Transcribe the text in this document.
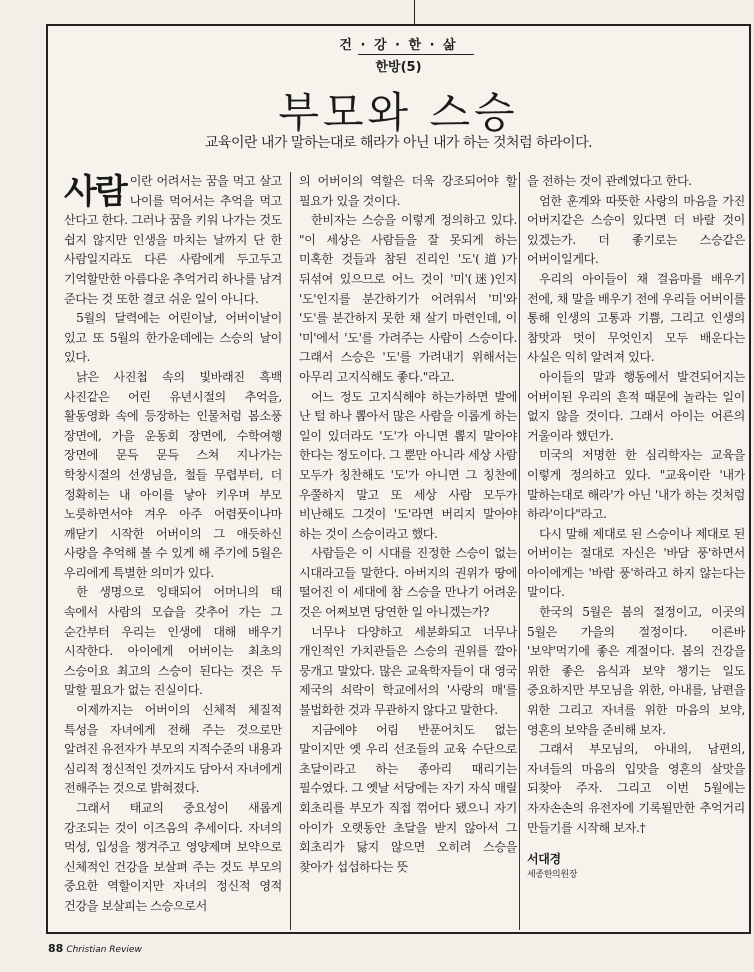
건 · 강 · 한 · 삶
한방(5)
부모와 스승
교육이란 내가 말하는대로 해라가 아닌 내가 하는 것처럼 하라이다.

사람 이란 어려서는 꿈을 먹고 살고 나이를 먹어서는 추억을 먹고 산다고 한다. 그러나 꿈을 키워 나가는 것도 쉽지 않지만 인생을 마치는 날까지 단 한 사람일지라도 다른 사람에게 두고두고 기억할만한 아름다운 추억거리 하나를 남겨 준다는 것 또한 결코 쉬운 일이 아니다.

5월의 달력에는 어린이날, 어버이날이 있고 또 5월의 한가운데에는 스승의 날이 있다.

낡은 사진첩 속의 빛바래진 흑백 사진같은 어린 유년시절의 추억을, 활동영화 속에 등장하는 인물처럼 봄소풍 장면에, 가을 운동회 장면에, 수학여행 장면에 문득 문득 스쳐 지나가는 학창시절의 선생님을, 철들 무렵부터, 더 정확히는 내 아이를 낳아 키우며 부모 노릇하면서야 겨우 아주 어렴풋이나마 깨닫기 시작한 어버이의 그 애듯하신 사랑을 추억해 볼 수 있게 해 주기에 5월은 우리에게 특별한 의미가 있다.

한 생명으로 잉태되어 어머니의 태 속에서 사람의 모습을 갖추어 가는 그 순간부터 우리는 인생에 대해 배우기 시작한다. 아이에게 어버이는 최초의 스승이요 최고의 스승이 된다는 것은 두 말할 필요가 없는 진실이다.

이제까지는 어버이의 신체적 체질적 특성을 자녀에게 전해 주는 것으로만 알려진 유전자가 부모의 지적수준의 내용과 심리적 정신적인 것까지도 담아서 자녀에게 전해주는 것으로 밝혀졌다.

그래서 태교의 중요성이 새롭게 강조되는 것이 이즈음의 추세이다. 자녀의 먹성, 입성을 챙겨주고 영양제며 보약으로 신체적인 건강을 보살펴 주는 것도 부모의 중요한 역할이지만 자녀의 정신적 영적 건강을 보살피는 스승으로서

의 어버이의 역할은 더욱 강조되어야 할 필요가 있을 것이다.

한비자는 스승을 이렇게 정의하고 있다. "이 세상은 사람들을 잘 못되게 하는 미혹한 것들과 참된 진리인 '도'(道)가 뒤섞여 있으므로 어느 것이 '미'(迷)인지 '도'인지를 분간하기가 어려워서 '미'와 '도'를 분간하지 못한 채 살기 마련인데, 이 '미'에서 '도'를 가려주는 사람이 스승이다. 그래서 스승은 '도'를 가려내기 위해서는 아무리 고지식해도 좋다."라고.

어느 정도 고지식해야 하는가하면 발에 난 털 하나 뽑아서 많은 사람을 이롭게 하는 일이 있더라도 '도'가 아니면 뽑지 말아야 한다는 정도이다. 그 뿐만 아니라 세상 사람 모두가 칭찬해도 '도'가 아니면 그 칭찬에 우쭐하지 말고 또 세상 사람 모두가 비난해도 그것이 '도'라면 버리지 말아야 하는 것이 스승이라고 했다.

사람들은 이 시대를 진정한 스승이 없는 시대라고들 말한다. 아버지의 권위가 땅에 떨어진 이 세대에 참 스승을 만나기 어려운 것은 어쩌보면 당연한 일 아니겠는가?

너무나 다양하고 세분화되고 너무나 개인적인 가치관들은 스승의 권위를 깔아 뭉개고 말았다. 많은 교육학자들이 대 영국 제국의 쇠락이 학교에서의 '사랑의 매'를 불법화한 것과 무관하지 않다고 말한다.

지금에야 어림 반푼어치도 없는 말이지만 옛 우리 선조들의 교육 수단으로 초달이라고 하는 종아리 때리기는 필수였다. 그 옛날 서당에는 자기 자식 매릴 회초리를 부모가 직접 꺾어다 됐으니 자기 아이가 오랫동안 초달을 받지 않아서 그 회초리가 닳지 않으면 오히려 스승을 찾아가 섭섭하다는 뜻

을 전하는 것이 관례였다고 한다.

엄한 훈계와 따뜻한 사랑의 마음을 가진 어버지같은 스승이 있다면 더 바랄 것이 있겠는가. 더 좋기로는 스승같은 어버이일게다.

우리의 아이들이 채 걸음마를 배우기 전에, 채 말을 배우기 전에 우리들 어버이를 통해 인생의 고통과 기쁨, 그리고 인생의 참맛과 멋이 무엇인지 모두 배운다는 사실은 익히 알려져 있다.

아이들의 말과 행동에서 발견되어지는 어버이된 우리의 흔적 때문에 놀라는 일이 없지 않을 것이다. 그래서 아이는 어른의 거울이라 했던가.

미국의 저명한 한 심리학자는 교육을 이렇게 정의하고 있다. "교육이란 '내가 말하는대로 해라'가 아닌 '내가 하는 것처럼 하라'이다"라고.

다시 말해 제대로 된 스승이나 제대로 된 어버이는 절대로 자신은 '바담 풍'하면서 아이에게는 '바람 풍'하라고 하지 않는다는 말이다.

한국의 5월은 봄의 절정이고, 이곳의 5월은 가을의 절정이다. 이른바 '보약'먹기에 좋은 계절이다. 봄의 건강을 위한 좋은 음식과 보약 챙기는 일도 중요하지만 부모님을 위한, 아내를, 남편을 위한 그리고 자녀를 위한 마음의 보약, 영혼의 보약을 준비해 보자.

그래서 부모님의, 아내의, 남편의, 자녀들의 마음의 입맛을 영혼의 살맛을 되찾아 주자. 그리고 이번 5월에는 자자손손의 유전자에 기록될만한 추억거리 만들기를 시작해 보자.†

서대경
세종한의원장
88 Christian Review
